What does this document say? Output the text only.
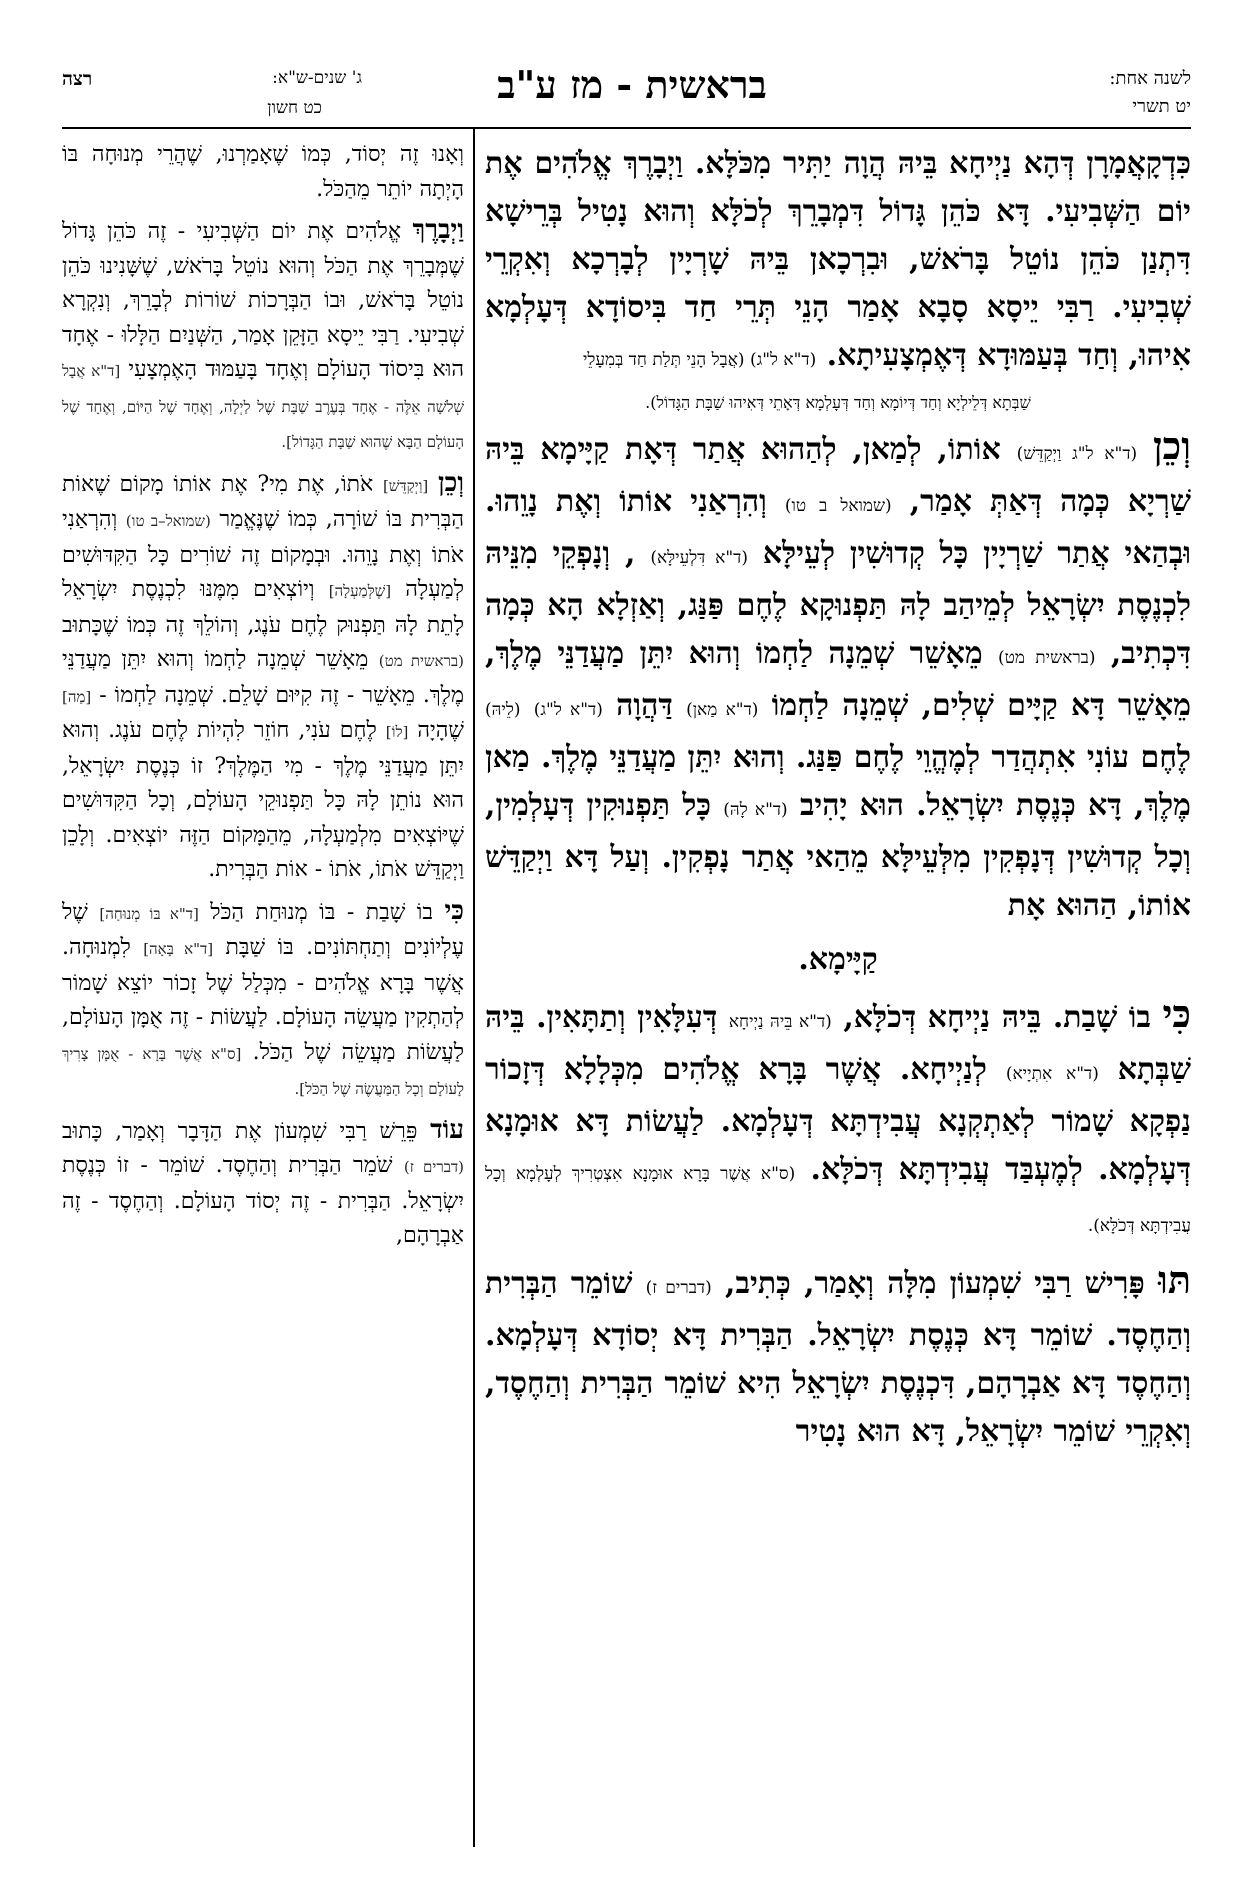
רצה	ג' שנים-ש"א:
כט חשון
בראשית - מז ע"ב	לשנה אחת:
יט תשרי

כִּדְקָאֲמָרָן דְּהָא נַיְיחָא בֵּיהּ הֲוָה יַתִּיר מִכֹּלָּא. וַיְבָרֶךְ אֱלֹהִים אֶת יוֹם הַשְּׁבִיעִי. דָּא כֹּהֵן גָּדוֹל דִּמְבָרֵךְ לְכֹלָּא וְהוּא נָטִיל בְּרֵישָׁא דִּתְנַן כֹּהֵן נוֹטֵל בָּרֹאשׁ, וּבִרְכָאן בֵּיהּ שָׁרְיָין לְבָרְכָא וְאִקְרֵי שְׁבִיעִי. רַבִּי יֵיסָא סָבָא אָמַר הָנֵי תְּרֵי חַד בִּיסוֹדָא דְּעָלְמָא אִיהוּ, וְחַד בְּעַמּוּדָא דְּאֶמְצָעִיתָא. (ד"א ל"ג) (אֲבָל הָנֵי תְּלַת חַד בְּמִעָלֵי

שַׁבְּתָא דְּלֵילְיָא וְחַד דְּיוֹמָא וְחַד דְּעָלְמָא דְּאָתֵי דְּאִיהוּ שַׁבָּת הַגָּדוֹל).

וְכֵן (ד"א ל"ג וַיְקַדֵּשׁ) אוֹתוֹ, לְמַאן, לְהַהוּא אֲתַר דְּאָת קַיָּימָא בֵּיהּ שַׁרְיָא כְּמָה דְּאַתְּ אָמַר, (שמואל ב טו) וְהִרְאַנִי אוֹתוֹ וְאֶת נָוֵהוּ. וּבְהַאי אֲתַר שַׁרְיָין כָּל קְדוּשִׁין לְעֵילָּא (ד"א דִּלְעֵילָּא) , וְנָפְקֵי מִנֵּיהּ לִכְנֶסֶת יִשְׂרָאֵל לְמֵיהַב לָהּ תַּפְנוּקָא לֶחֶם פַּנַּג, וְאַזְלָא הָא כְּמָה דִּכְתִיב, (בראשית מט) מֵאָשֵׁר שְׁמֵנָה לַחְמוֹ וְהוּא יִתֵּן מַעֲדַנֵּי מֶלֶךְ, מֵאָשֵׁר דָּא קַיָּים שְׁלִים, שְׁמֵנָה לַחְמוֹ (ד"א מַאן) דַּהֲוָה (ד"א ל"ג) (לֵיהּ) לֶחֶם עוֹנִי אִתְהֲדַר לְמֶהֱוֵי לֶחֶם פַּנַּג. וְהוּא יִתֵּן מַעֲדַנֵּי מֶלֶךְ. מַאן מֶלֶךְ, דָּא כְּנֶסֶת יִשְׂרָאֵל. הוּא יָהִיב (ד"א לָהּ) כָּל תַּפְנוּקִין דְּעָלְמִין, וְכָל קְדוּשִׁין דְּנָפְקִין מִלְּעֵילָּא מֵהַאי אֲתַר נָפְקִין. וְעַל דָּא וַיְקַדֵּשׁ אוֹתוֹ, הַהוּא אָת

קַיָּימָא.

כִּי בוֹ שָׁבַת. בֵּיהּ נַיְיחָא דְּכֹלָּא, (ד"א בֵּיהּ נַיְיחָא דְּעִלָּאִין וְתַתָּאִין. בֵּיהּ שַׁבְּתָא (ד"א אִתְיָיא) לְנַיְיחָא. אֲשֶׁר בָּרָא אֱלֹהִים מִכְּלָלָא דְּזָכוֹר נַפְקָא שָׁמוֹר לְאַתְקְנָא עֲבִידְתָּא דְּעָלְמָא. לַעֲשׂוֹת דָּא אוּמָנָא דְּעָלְמָא. לְמֶעְבַּד עֲבִידְתָּא דְּכֹלָּא. (ס"א אֲשֶׁר בָּרָא אוּמָנָא אִצְטְרִיךְ לְעָלְמָא וְכָל עֲבִידְתָּא דְּכֹלָּא).

תּוּ פָּרִישׁ רַבִּי שִׁמְעוֹן מִלָּה וְאָמַר, כְּתִיב, (דברים ז) שׁוֹמֵר הַבְּרִית וְהַחֶסֶד. שׁוֹמֵר דָּא כְּנֶסֶת יִשְׂרָאֵל. הַבְּרִית דָּא יְסוֹדָא דְּעָלְמָא. וְהַחֶסֶד דָּא אַבְרָהָם, דִּכְנֶסֶת יִשְׂרָאֵל הִיא שׁוֹמֵר הַבְּרִית וְהַחֶסֶד, וְאִקְרֵי שׁוֹמֵר יִשְׂרָאֵל, דָּא הוּא נָטִיר

וְאָנוּ זֶה יְסוֹד, כְּמוֹ שֶׁאָמַרְנוּ, שֶׁהֲרֵי מְנוּחָה בּוֹ הָיְתָה יוֹתֵר מֵהַכֹּל.

וַיְבָרֶךְ אֱלֹהִים אֶת יוֹם הַשְּׁבִיעִי - זֶה כֹּהֵן גָּדוֹל שֶׁמְּבָרֵךְ אֶת הַכֹּל וְהוּא נוֹטֵל בָּרֹאשׁ, שֶׁשָּׁנִינוּ כֹּהֵן נוֹטֵל בָּרֹאשׁ, וּבוֹ הַבְּרָכוֹת שׁוֹרוֹת לְבָרֵךְ, וְנִקְרָא שְׁבִיעִי. רַבִּי יֵיסָא הַזָּקֵן אָמַר, הַשְּׁנַיִם הַלָּלוּ - אֶחָד הוּא בִּיסוֹד הָעוֹלָם וְאֶחָד בָּעַמּוּד הָאֶמְצָעִי [ד"א אֲבָל שְׁלֹשָׁה אֵלֶּה - אֶחָד בְּעֶרֶב שַׁבָּת שֶׁל לַיְלָה, וְאֶחָד שֶׁל הַיּוֹם, וְאֶחָד שֶׁל הָעוֹלָם הַבָּא שֶׁהוּא שַׁבָּת הַגָּדוֹל].

וְכֵן [וַיְקַדֵּשׁ] אֹתוֹ, אֶת מִי? אֶת אוֹתוֹ מָקוֹם שֶׁאוֹת הַבְּרִית בּוֹ שׁוֹרָה, כְּמוֹ שֶׁנֶּאֱמַר (שמואל–ב טו) וְהִרְאַנִי אֹתוֹ וְאֶת נָוֵהוּ. וּבְמָקוֹם זֶה שׁוֹרִים כָּל הַקִּדּוּשִׁים לְמַעְלָה [שֶׁלְּמַעְלָה] וְיוֹצְאִים מִמֶּנּוּ לִכְנֶסֶת יִשְׂרָאֵל לָתֵת לָהּ תַּפְנוּק לֶחֶם עֹנֶג, וְהוֹלֵךְ זֶה כְּמוֹ שֶׁכָּתוּב (בראשית מט) מֵאָשֵׁר שְׁמֵנָה לַחְמוֹ וְהוּא יִתֵּן מַעֲדַנֵּי מֶלֶךְ. מֵאָשֵׁר - זֶה קִיּוּם שָׁלֵם. שְׁמֵנָה לַחְמוֹ - [מַה] שֶׁהָיָה [לוֹ] לֶחֶם עֹנִי, חוֹזֵר לִהְיוֹת לֶחֶם עֹנֶג. וְהוּא יִתֵּן מַעֲדַנֵּי מֶלֶךְ - מִי הַמֶּלֶךְ? זוֹ כְּנֶסֶת יִשְׂרָאֵל, הוּא נוֹתֵן לָהּ כָּל תַּפְנוּקֵי הָעוֹלָם, וְכָל הַקִּדּוּשִׁים שֶׁיּוֹצְאִים מִלְמַעְלָה, מֵהַמָּקוֹם הַזֶּה יוֹצְאִים. וְלָכֵן וַיְקַדֵּשׁ אֹתוֹ, אֹתוֹ - אוֹת הַבְּרִית.

כִּי בוֹ שָׁבַת - בּוֹ מְנוּחַת הַכֹּל [ד"א בּוֹ מְנוּחַה] שֶׁל עֶלְיוֹנִים וְתַחְתּוֹנִים. בּוֹ שַׁבָּת [ד"א בָּאָה] לִמְנוּחָה. אֲשֶׁר בָּרָא אֱלֹהִים - מִכְּלַל שֶׁל זָכוֹר יוֹצֵא שָׁמוֹר לְהַתְקִין מַעֲשֵׂה הָעוֹלָם. לַעֲשׂוֹת - זֶה אֻמָּן הָעוֹלָם, לַעֲשׂוֹת מַעֲשֵׂה שֶׁל הַכֹּל. [ס"א אֲשֶׁר בָּרָא - אֻמָּן צָרִיךְ לָעוֹלָם וְכָל הַמַּעֲשֶׂה שֶׁל הַכֹּל].

עוֹד פֵּרֵשׁ רַבִּי שִׁמְעוֹן אֶת הַדָּבָר וְאָמַר, כָּתוּב (דברים ז) שֹׁמֵר הַבְּרִית וְהַחֶסֶד. שׁוֹמֵר - זוֹ כְּנֶסֶת יִשְׂרָאֵל. הַבְּרִית - זֶה יְסוֹד הָעוֹלָם. וְהַחֶסֶד - זֶה אַבְרָהָם,
